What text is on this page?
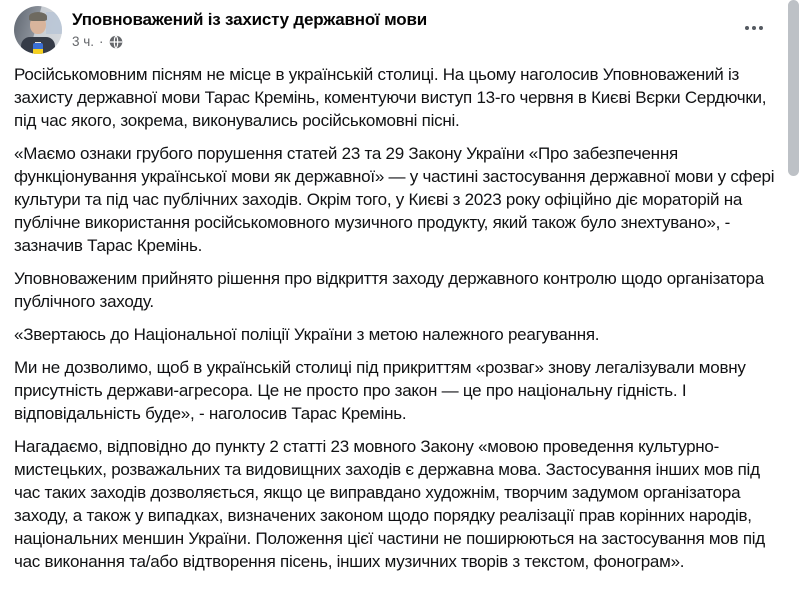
Уповноважений із захисту державної мови
3 ч. ·

Російськомовним пісням не місце в українській столиці. На цьому наголосив Уповноважений із захисту державної мови Тарас Кремінь, коментуючи виступ 13-го червня в Києві Вєрки Сердючки, під час якого, зокрема, виконувались російськомовні пісні.

«Маємо ознаки грубого порушення статей 23 та 29 Закону України «Про забезпечення функціонування української мови як державної» — у частині застосування державної мови у сфері культури та під час публічних заходів. Окрім того, у Києві з 2023 року офіційно діє мораторій на публічне використання російськомовного музичного продукту, який також було знехтувано», - зазначив Тарас Кремінь.

Уповноваженим прийнято рішення про відкриття заходу державного контролю щодо організатора публічного заходу.

«Звертаюсь до Національної поліції України з метою належного реагування.

Ми не дозволимо, щоб в українській столиці під прикриттям «розваг» знову легалізували мовну присутність держави-агресора. Це не просто про закон — це про національну гідність. І відповідальність буде», - наголосив Тарас Кремінь.

Нагадаємо, відповідно до пункту 2 статті 23 мовного Закону «мовою проведення культурно-мистецьких, розважальних та видовищних заходів є державна мова. Застосування інших мов під час таких заходів дозволяється, якщо це виправдано художнім, творчим задумом організатора заходу, а також у випадках, визначених законом щодо порядку реалізації прав корінних народів, національних меншин України. Положення цієї частини не поширюються на застосування мов під час виконання та/або відтворення пісень, інших музичних творів з текстом, фонограм».
